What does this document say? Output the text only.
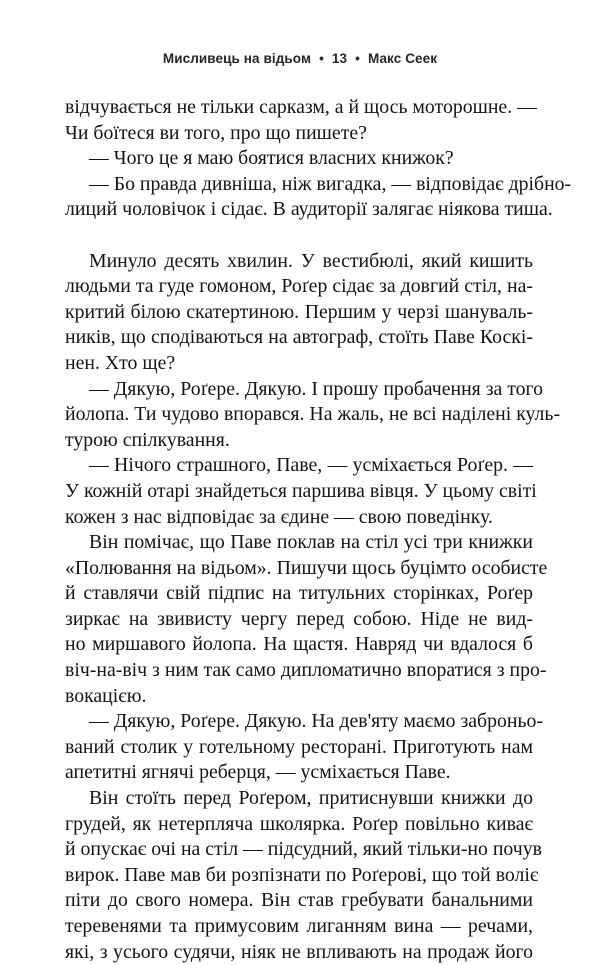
Мисливець на відьом • 13 • Макс Сеек
відчувається не тільки сарказм, а й щось моторошне. —
Чи боїтеся ви того, про що пишете?
— Чого це я маю боятися власних книжок?
— Бо правда дивніша, ніж вигадка, — відповідає дрібно-
лиций чоловічок і сідає. В аудиторії залягає ніякова тиша.
Минуло десять хвилин. У вестибюлі, який кишить
людьми та гуде гомоном, Роґер сідає за довгий стіл, на-
критий білою скатертиною. Першим у черзі шануваль-
ників, що сподіваються на автограф, стоїть Паве Коскі-
нен. Хто ще?
— Дякую, Роґере. Дякую. І прошу пробачення за того
йолопа. Ти чудово впорався. На жаль, не всі наділені куль-
турою спілкування.
— Нічого страшного, Паве, — усміхається Роґер. —
У кожній отарі знайдеться паршива вівця. У цьому світі
кожен з нас відповідає за єдине — свою поведінку.
Він помічає, що Паве поклав на стіл усі три книжки
«Полювання на відьом». Пишучи щось буцімто особисте
й ставлячи свій підпис на титульних сторінках, Роґер
зиркає на звивисту чергу перед собою. Ніде не вид-
но миршавого йолопа. На щастя. Навряд чи вдалося б
віч-на-віч з ним так само дипломатично впоратися з про-
вокацією.
— Дякую, Роґере. Дякую. На дев'яту маємо заброньо-
ваний столик у готельному ресторані. Приготують нам
апетитні ягнячі реберця, — усміхається Паве.
Він стоїть перед Роґером, притиснувши книжки до
грудей, як нетерпляча школярка. Роґер повільно киває
й опускає очі на стіл — підсудний, який тільки-но почув
вирок. Паве мав би розпізнати по Роґерові, що той воліє
піти до свого номера. Він став гребувати банальними
теревенями та примусовим лиганням вина — речами,
які, з усього судячи, ніяк не впливають на продаж його
